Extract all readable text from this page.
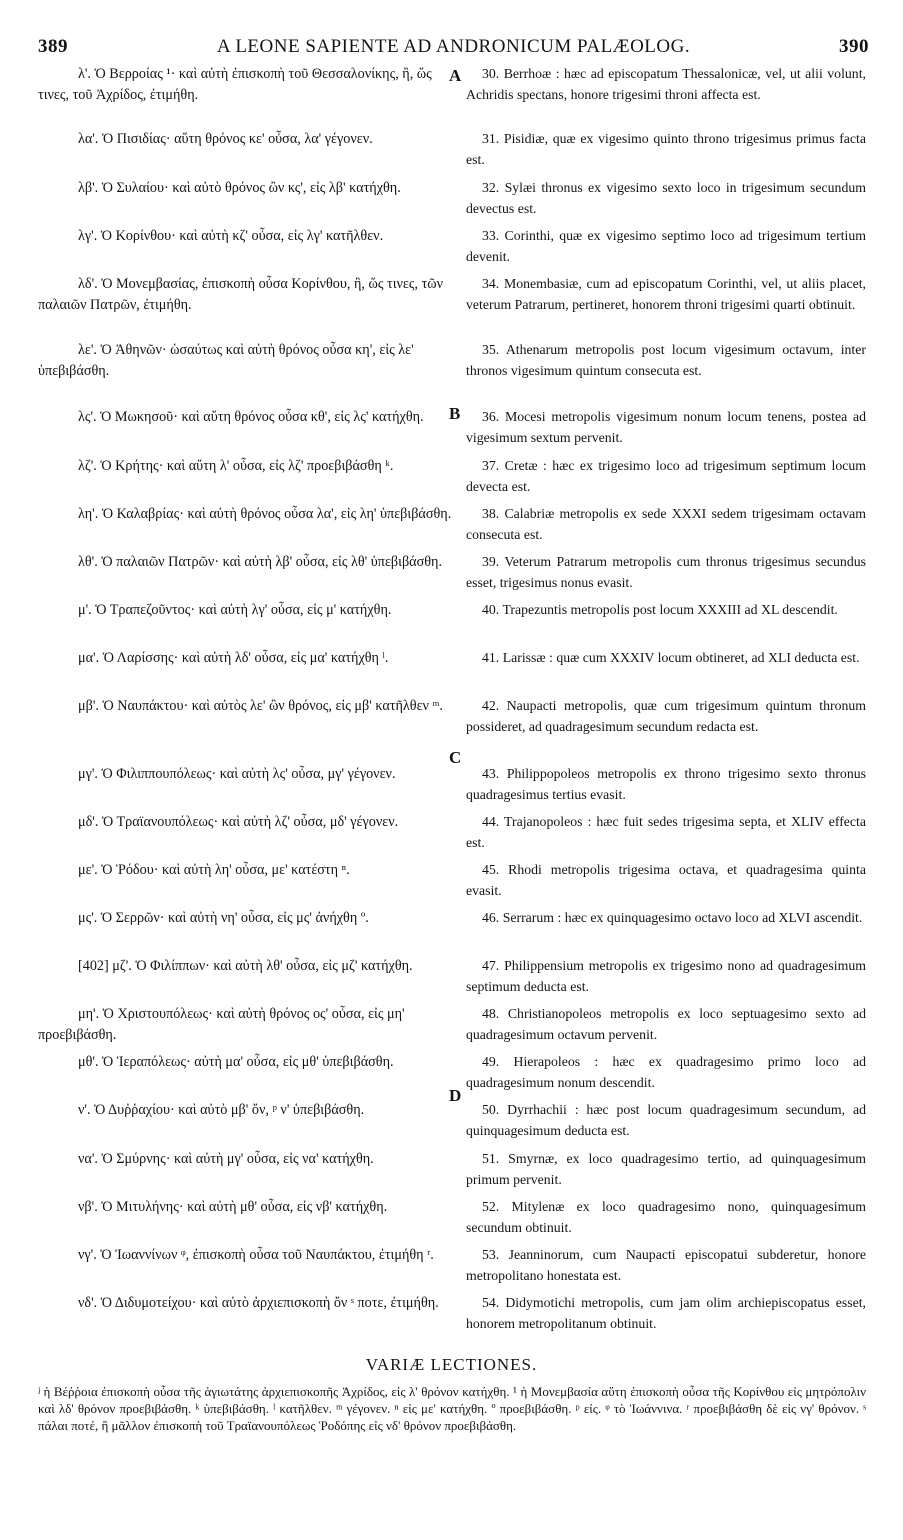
389	A LEONE SAPIENTE AD ANDRONICUM PALÆOLOG.	390
λ'. Ὁ Βερροίας ¹· καὶ αὐτὴ ἐπισκοπὴ τοῦ Θεσσαλονίκης, ἢ, ὥς τινες, τοῦ Ἀχρίδος, ἐτιμήθη.
λα'. Ὁ Πισιδίας· αὕτη θρόνος κε' οὖσα, λα' γέγονεν.
λβ'. Ὁ Συλαίου· καὶ αὐτὸ θρόνος ὢν κς', εἰς λβ' κατήχθη.
λγ'. Ὁ Κορίνθου· καὶ αὐτὴ κζ' οὖσα, εἰς λγ' κατῆλθεν.
λδ'. Ὁ Μονεμβασίας, ἐπισκοπὴ οὖσα Κορίνθου, ἢ, ὥς τινες, τῶν παλαιῶν Πατρῶν, ἐτιμήθη.
λε'. Ὁ Ἀθηνῶν· ὡσαύτως καὶ αὐτὴ θρόνος οὖσα κη', εἰς λε' ὑπεβιβάσθη.
λς'. Ὁ Μωκησοῦ· καὶ αὕτη θρόνος οὖσα κθ', εἰς λς' κατήχθη.
λζ'. Ὁ Κρήτης· καὶ αὕτη λ' οὖσα, εἰς λζ' προεβιβάσθη ᵏ.
λη'. Ὁ Καλαβρίας· καὶ αὐτὴ θρόνος οὖσα λα', εἰς λη' ὑπεβιβάσθη.
λθ'. Ὁ παλαιῶν Πατρῶν· καὶ αὐτὴ λβ' οὖσα, εἰς λθ' ὑπεβιβάσθη.
μ'. Ὁ Τραπεζοῦντος· καὶ αὐτὴ λγ' οὖσα, εἰς μ' κατήχθη.
μα'. Ὁ Λαρίσσης· καὶ αὐτὴ λδ' οὖσα, εἰς μα' κατήχθη ˡ.
μβ'. Ὁ Ναυπάκτου· καὶ αὐτὸς λε' ὢν θρόνος, εἰς μβ' κατῆλθεν ᵐ.
μγ'. Ὁ Φιλιππουπόλεως· καὶ αὐτὴ λς' οὖσα, μγ' γέγονεν.
μδ'. Ὁ Τραϊανουπόλεως· καὶ αὐτὴ λζ' οὖσα, μδ' γέγονεν.
με'. Ὁ Ῥόδου· καὶ αὐτὴ λη' οὖσα, με' κατέστη ⁿ.
μς'. Ὁ Σερρῶν· καὶ αὐτὴ νη' οὖσα, εἰς μς' ἀνήχθη º.
[402] μζ'. Ὁ Φιλίππων· καὶ αὐτὴ λθ' οὖσα, εἰς μζ' κατήχθη.
μη'. Ὁ Χριστουπόλεως· καὶ αὐτὴ θρόνος ος' οὖσα, εἰς μη' προεβιβάσθη.
μθ'. Ὁ Ἱεραπόλεως· αὐτὴ μα' οὖσα, εἰς μθ' ὑπεβιβάσθη.
ν'. Ὁ Δυῤῥαχίου· καὶ αὐτὸ μβ' ὄν, ᵖ ν' ὑπεβιβάσθη.
να'. Ὁ Σμύρνης· καὶ αὐτὴ μγ' οὖσα, εἰς να' κατήχθη.
νβ'. Ὁ Μιτυλήνης· καὶ αὐτὴ μθ' οὖσα, εἰς νβ' κατήχθη.
νγ'. Ὁ Ἰωαννίνων ᵠ, ἐπισκοπὴ οὖσα τοῦ Ναυπάκτου, ἐτιμήθη ʳ.
νδ'. Ὁ Διδυμοτείχου· καὶ αὐτὸ ἀρχιεπισκοπὴ ὄν ˢ ποτε, ἐτιμήθη.
A
B
C
D
30. Berrhoæ : hæc ad episcopatum Thessalonicæ, vel, ut alii volunt, Achridis spectans, honore trigesimi throni affecta est.
31. Pisidiæ, quæ ex vigesimo quinto throno trigesimus primus facta est.
32. Sylæi thronus ex vigesimo sexto loco in trigesimum secundum devectus est.
33. Corinthi, quæ ex vigesimo septimo loco ad trigesimum tertium devenit.
34. Monembasiæ, cum ad episcopatum Corinthi, vel, ut aliis placet, veterum Patrarum, pertineret, honorem throni trigesimi quarti obtinuit.
35. Athenarum metropolis post locum vigesimum octavum, inter thronos vigesimum quintum consecuta est.
36. Mocesi metropolis vigesimum nonum locum tenens, postea ad vigesimum sextum pervenit.
37. Cretæ : hæc ex trigesimo loco ad trigesimum septimum locum devecta est.
38. Calabriæ metropolis ex sede XXXI sedem trigesimam octavam consecuta est.
39. Veterum Patrarum metropolis cum thronus trigesimus secundus esset, trigesimus nonus evasit.
40. Trapezuntis metropolis post locum XXXIII ad XL descendit.
41. Larissæ : quæ cum XXXIV locum obtineret, ad XLI deducta est.
42. Naupacti metropolis, quæ cum trigesimum quintum thronum possideret, ad quadragesimum secundum redacta est.
43. Philippopoleos metropolis ex throno trigesimo sexto thronus quadragesimus tertius evasit.
44. Trajanopoleos : hæc fuit sedes trigesima septa, et XLIV effecta est.
45. Rhodi metropolis trigesima octava, et quadragesima quinta evasit.
46. Serrarum : hæc ex quinquagesimo octavo loco ad XLVI ascendit.
47. Philippensium metropolis ex trigesimo nono ad quadragesimum septimum deducta est.
48. Christianopoleos metropolis ex loco septuagesimo sexto ad quadragesimum octavum pervenit.
49. Hierapoleos : hæc ex quadragesimo primo loco ad quadragesimum nonum descendit.
50. Dyrrhachii : hæc post locum quadragesimum secundum, ad quinquagesimum deducta est.
51. Smyrnæ, ex loco quadragesimo tertio, ad quinquagesimum primum pervenit.
52. Mitylenæ ex loco quadragesimo nono, quinquagesimum secundum obtinuit.
53. Jeanninorum, cum Naupacti episcopatui subderetur, honore metropolitano honestata est.
54. Didymotichi metropolis, cum jam olim archiepiscopatus esset, honorem metropolitanum obtinuit.
VARIÆ LECTIONES.
ʲ ἡ Βέῤῥοια ἐπισκοπὴ οὖσα τῆς ἁγιωτάτης ἀρχιεπισκοπῆς Ἀχρίδος, εἰς λ' θρόνον κατήχθη. ¹ ἡ Μονεμβασία αὕτη ἐπισκοπὴ οὖσα τῆς Κορίνθου εἰς μητρόπολιν καὶ λδ' θρόνον προεβιβάσθη. ᵏ ὑπεβιβάσθη. ˡ κατῆλθεν. ᵐ γέγονεν. ⁿ εἰς με' κατήχθη. º προεβιβάσθη. ᵖ εἰς. ᵠ τὸ Ἰωάννινα. ʳ προεβιβάσθη δὲ εἰς νγ' θρόνον. ˢ πάλαι ποτέ, ἢ μᾶλλον ἐπισκοπὴ τοῦ Τραϊανουπόλεως Ῥοδόπης εἰς νδ' θρόνον προεβιβάσθη.
